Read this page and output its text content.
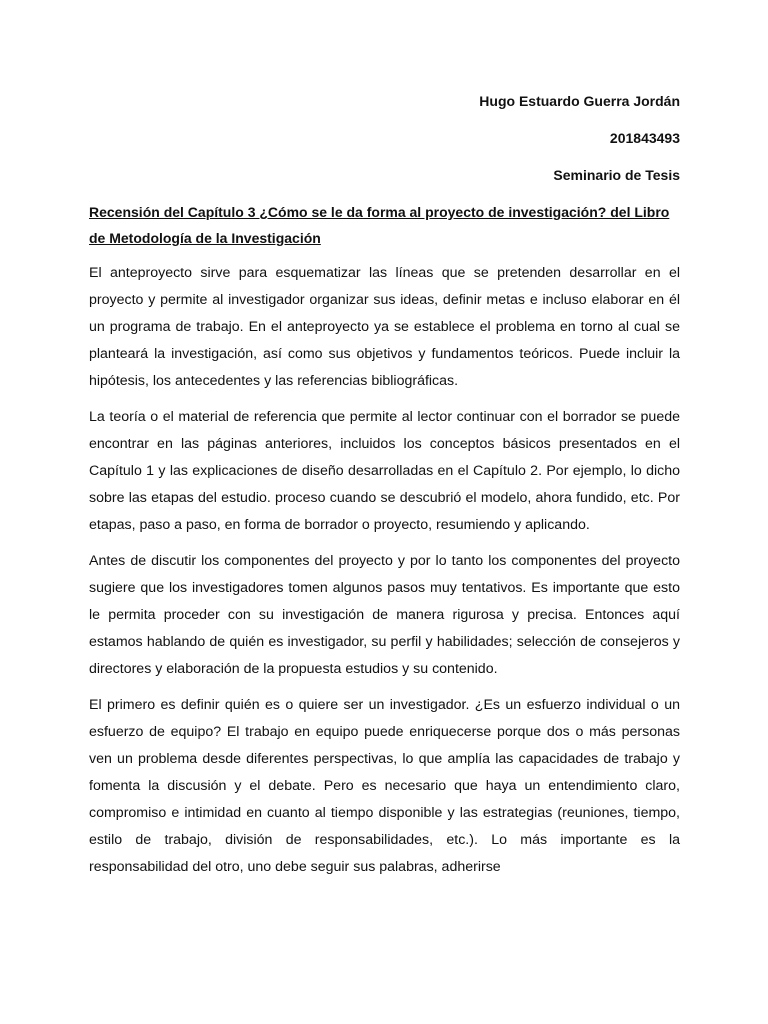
Hugo Estuardo Guerra Jordán
201843493
Seminario de Tesis
Recensión del Capítulo 3 ¿Cómo se le da forma al proyecto de investigación? del Libro de Metodología de la Investigación

El anteproyecto sirve para esquematizar las líneas que se pretenden desarrollar en el proyecto y permite al investigador organizar sus ideas, definir metas e incluso elaborar en él un programa de trabajo. En el anteproyecto ya se establece el problema en torno al cual se planteará la investigación, así como sus objetivos y fundamentos teóricos. Puede incluir la hipótesis, los antecedentes y las referencias bibliográficas.

La teoría o el material de referencia que permite al lector continuar con el borrador se puede encontrar en las páginas anteriores, incluidos los conceptos básicos presentados en el Capítulo 1 y las explicaciones de diseño desarrolladas en el Capítulo 2. Por ejemplo, lo dicho sobre las etapas del estudio. proceso cuando se descubrió el modelo, ahora fundido, etc. Por etapas, paso a paso, en forma de borrador o proyecto, resumiendo y aplicando.

Antes de discutir los componentes del proyecto y por lo tanto los componentes del proyecto sugiere que los investigadores tomen algunos pasos muy tentativos. Es importante que esto le permita proceder con su investigación de manera rigurosa y precisa. Entonces aquí estamos hablando de quién es investigador, su perfil y habilidades; selección de consejeros y directores y elaboración de la propuesta estudios y su contenido.

El primero es definir quién es o quiere ser un investigador. ¿Es un esfuerzo individual o un esfuerzo de equipo? El trabajo en equipo puede enriquecerse porque dos o más personas ven un problema desde diferentes perspectivas, lo que amplía las capacidades de trabajo y fomenta la discusión y el debate. Pero es necesario que haya un entendimiento claro, compromiso e intimidad en cuanto al tiempo disponible y las estrategias (reuniones, tiempo, estilo de trabajo, división de responsabilidades, etc.). Lo más importante es la responsabilidad del otro, uno debe seguir sus palabras, adherirse
